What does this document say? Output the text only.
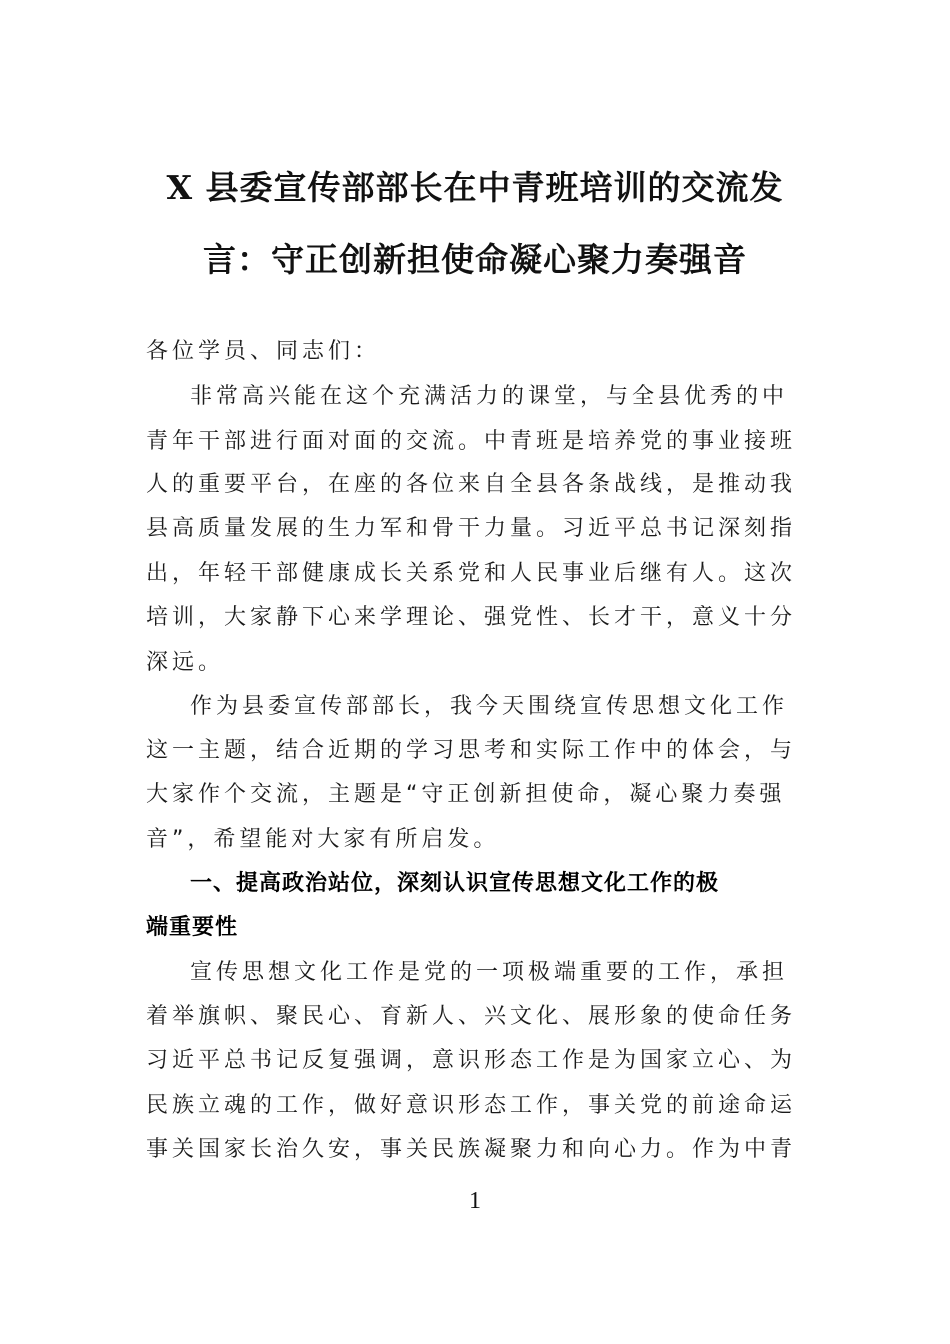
X 县委宣传部部长在中青班培训的交流发
言：守正创新担使命凝心聚力奏强音
各位学员、同志们：
非常高兴能在这个充满活力的课堂，与全县优秀的中
青年干部进行面对面的交流。中青班是培养党的事业接班
人的重要平台，在座的各位来自全县各条战线，是推动我
县高质量发展的生力军和骨干力量。习近平总书记深刻指
出，年轻干部健康成长关系党和人民事业后继有人。这次
培训，大家静下心来学理论、强党性、长才干，意义十分
深远。
作为县委宣传部部长，我今天围绕宣传思想文化工作
这一主题，结合近期的学习思考和实际工作中的体会，与
大家作个交流，主题是“守正创新担使命，凝心聚力奏强
音”，希望能对大家有所启发。
一、提高政治站位，深刻认识宣传思想文化工作的极
端重要性
宣传思想文化工作是党的一项极端重要的工作，承担
着举旗帜、聚民心、育新人、兴文化、展形象的使命任务
习近平总书记反复强调，意识形态工作是为国家立心、为
民族立魂的工作，做好意识形态工作，事关党的前途命运
事关国家长治久安，事关民族凝聚力和向心力。作为中青
1
